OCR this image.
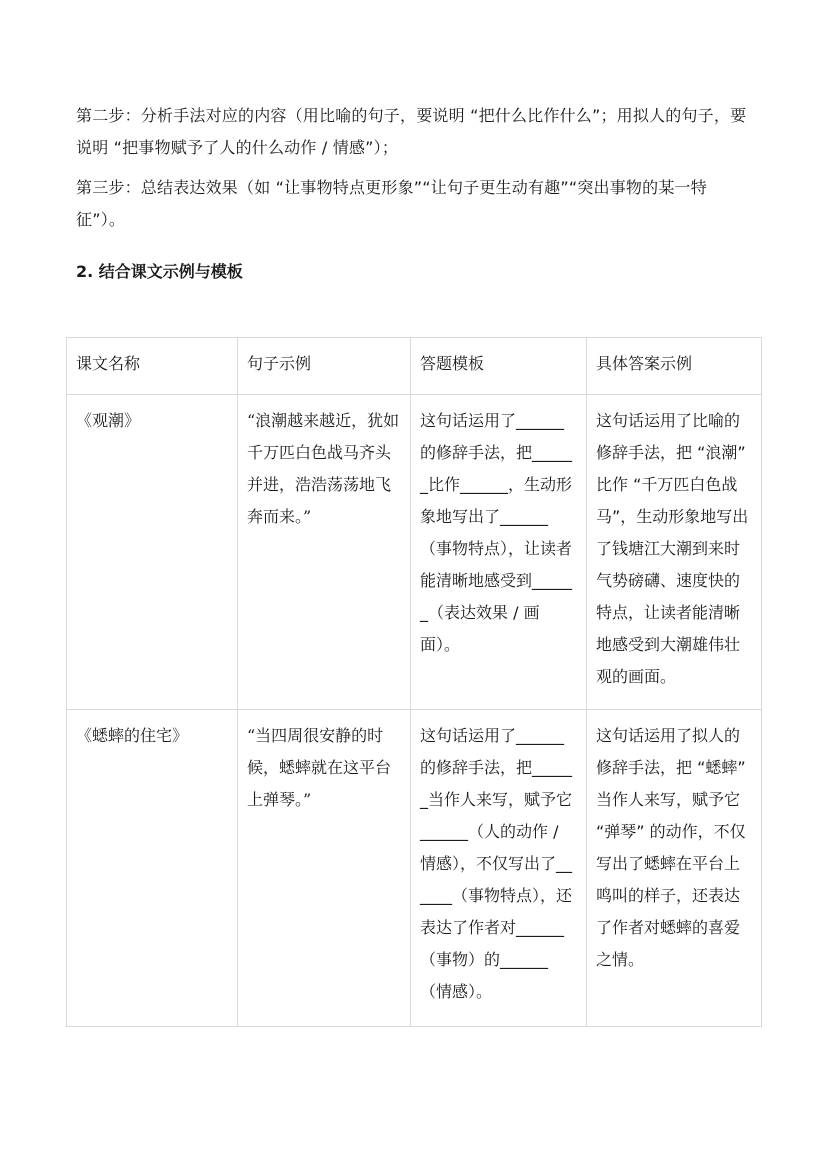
第二步：分析手法对应的内容（用比喻的句子，要说明 “把什么比作什么”；用拟人的句子，要说明 “把事物赋予了人的什么动作 / 情感”）；

第三步：总结表达效果（如 “让事物特点更形象”“让句子更生动有趣”“突出事物的某一特征”）。

2. 结合课文示例与模板
课文名称	句子示例	答题模板	具体答案示例
《观潮》	“浪潮越来越近，犹如千万匹白色战马齐头并进，浩浩荡荡地飞奔而来。”	这句话运用了______的修辞手法，把______比作______，生动形象地写出了______（事物特点），让读者能清晰地感受到______（表达效果 / 画面）。	这句话运用了比喻的修辞手法，把 “浪潮” 比作 “千万匹白色战马”，生动形象地写出了钱塘江大潮到来时气势磅礴、速度快的特点，让读者能清晰地感受到大潮雄伟壮观的画面。
《蟋蟀的住宅》	“当四周很安静的时候，蟋蟀就在这平台上弹琴。”	这句话运用了______的修辞手法，把______当作人来写，赋予它______（人的动作 / 情感），不仅写出了______（事物特点），还表达了作者对______（事物）的______（情感）。	这句话运用了拟人的修辞手法，把 “蟋蟀” 当作人来写，赋予它 “弹琴” 的动作，不仅写出了蟋蟀在平台上鸣叫的样子，还表达了作者对蟋蟀的喜爱之情。
